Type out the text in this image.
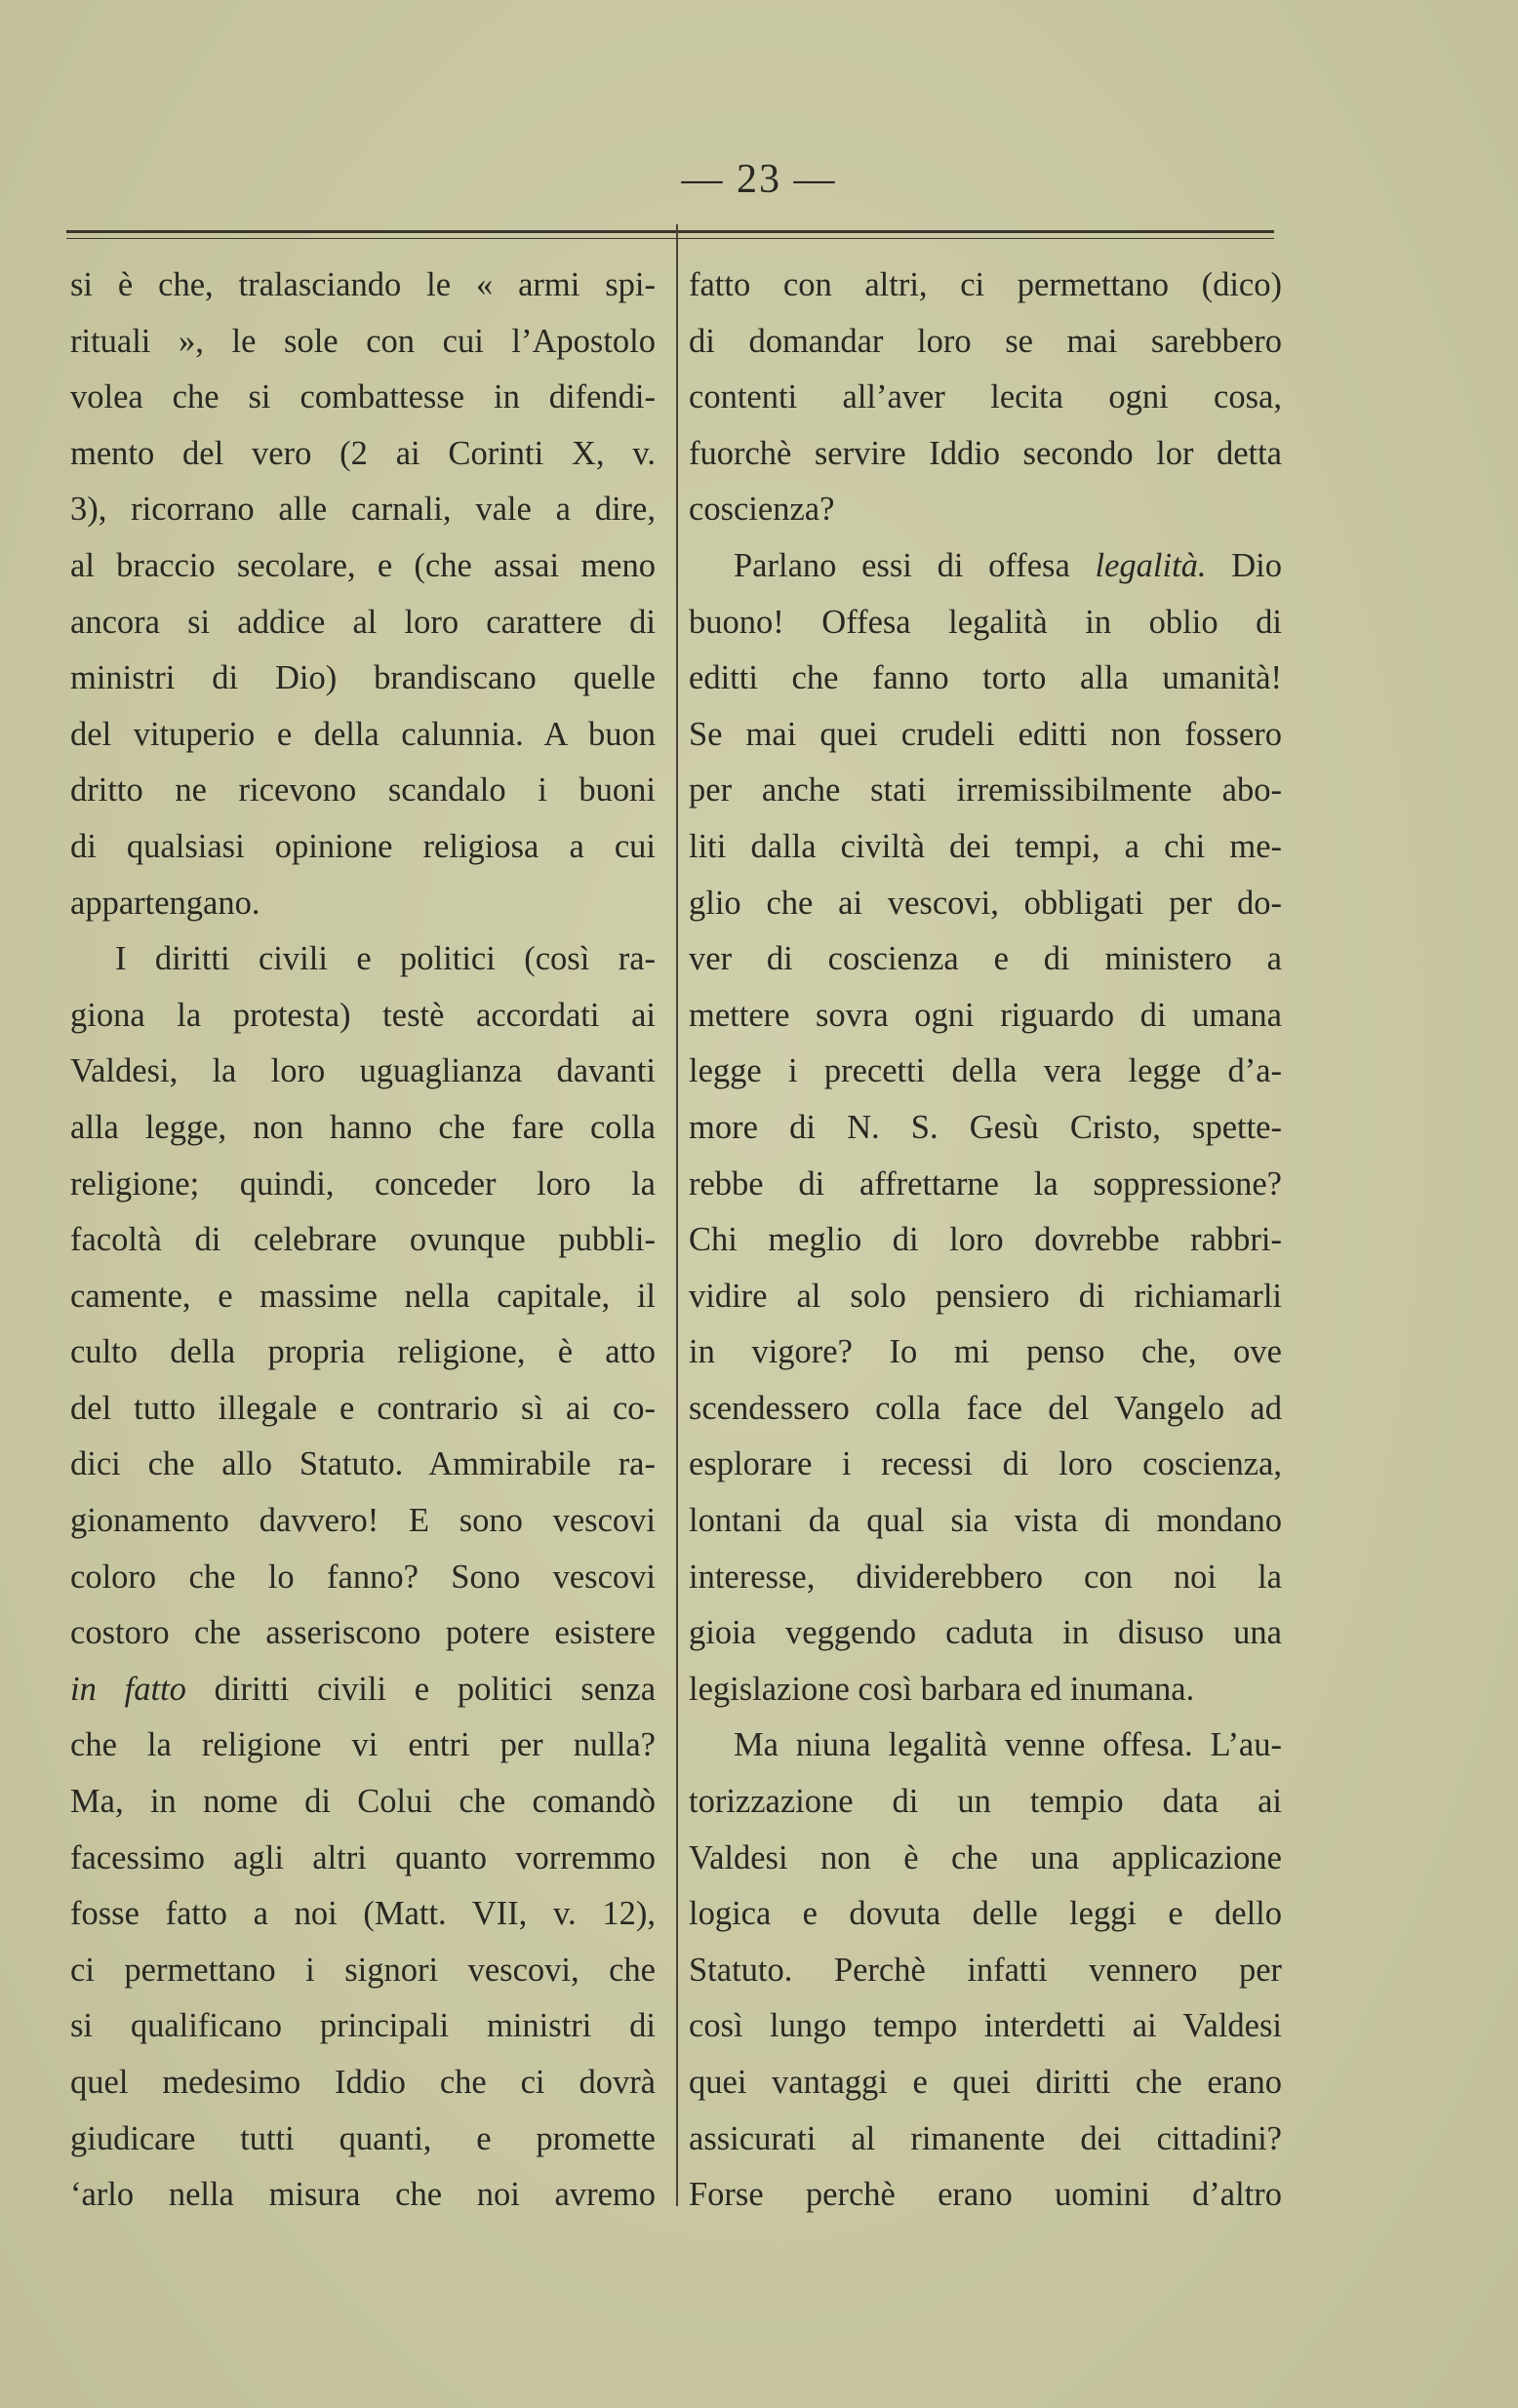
— 23 —
si è che, tralasciando le « armi spi-
rituali », le sole con cui l’Apostolo
volea che si combattesse in difendi-
mento del vero (2 ai Corinti X, v.
3), ricorrano alle carnali, vale a dire,
al braccio secolare, e (che assai meno
ancora si addice al loro carattere di
ministri di Dio) brandiscano quelle
del vituperio e della calunnia. A buon
dritto ne ricevono scandalo i buoni
di qualsiasi opinione religiosa a cui
appartengano.
I diritti civili e politici (così ra-
giona la protesta) testè accordati ai
Valdesi, la loro uguaglianza davanti
alla legge, non hanno che fare colla
religione; quindi, conceder loro la
facoltà di celebrare ovunque pubbli-
camente, e massime nella capitale, il
culto della propria religione, è atto
del tutto illegale e contrario sì ai co-
dici che allo Statuto. Ammirabile ra-
gionamento davvero! E sono vescovi
coloro che lo fanno? Sono vescovi
costoro che asseriscono potere esistere
in fatto diritti civili e politici senza
che la religione vi entri per nulla?
Ma, in nome di Colui che comandò
facessimo agli altri quanto vorremmo
fosse fatto a noi (Matt. VII, v. 12),
ci permettano i signori vescovi, che
si qualificano principali ministri di
quel medesimo Iddio che ci dovrà
giudicare tutti quanti, e promette
‘arlo nella misura che noi avremo
fatto con altri, ci permettano (dico)
di domandar loro se mai sarebbero
contenti all’aver lecita ogni cosa,
fuorchè servire Iddio secondo lor detta
coscienza?
Parlano essi di offesa legalità. Dio
buono! Offesa legalità in oblio di
editti che fanno torto alla umanità!
Se mai quei crudeli editti non fossero
per anche stati irremissibilmente abo-
liti dalla civiltà dei tempi, a chi me-
glio che ai vescovi, obbligati per do-
ver di coscienza e di ministero a
mettere sovra ogni riguardo di umana
legge i precetti della vera legge d’a-
more di N. S. Gesù Cristo, spette-
rebbe di affrettarne la soppressione?
Chi meglio di loro dovrebbe rabbri-
vidire al solo pensiero di richiamarli
in vigore? Io mi penso che, ove
scendessero colla face del Vangelo ad
esplorare i recessi di loro coscienza,
lontani da qual sia vista di mondano
interesse, dividerebbero con noi la
gioia veggendo caduta in disuso una
legislazione così barbara ed inumana.
Ma niuna legalità venne offesa. L’au-
torizzazione di un tempio data ai
Valdesi non è che una applicazione
logica e dovuta delle leggi e dello
Statuto. Perchè infatti vennero per
così lungo tempo interdetti ai Valdesi
quei vantaggi e quei diritti che erano
assicurati al rimanente dei cittadini?
Forse perchè erano uomini d’altro
